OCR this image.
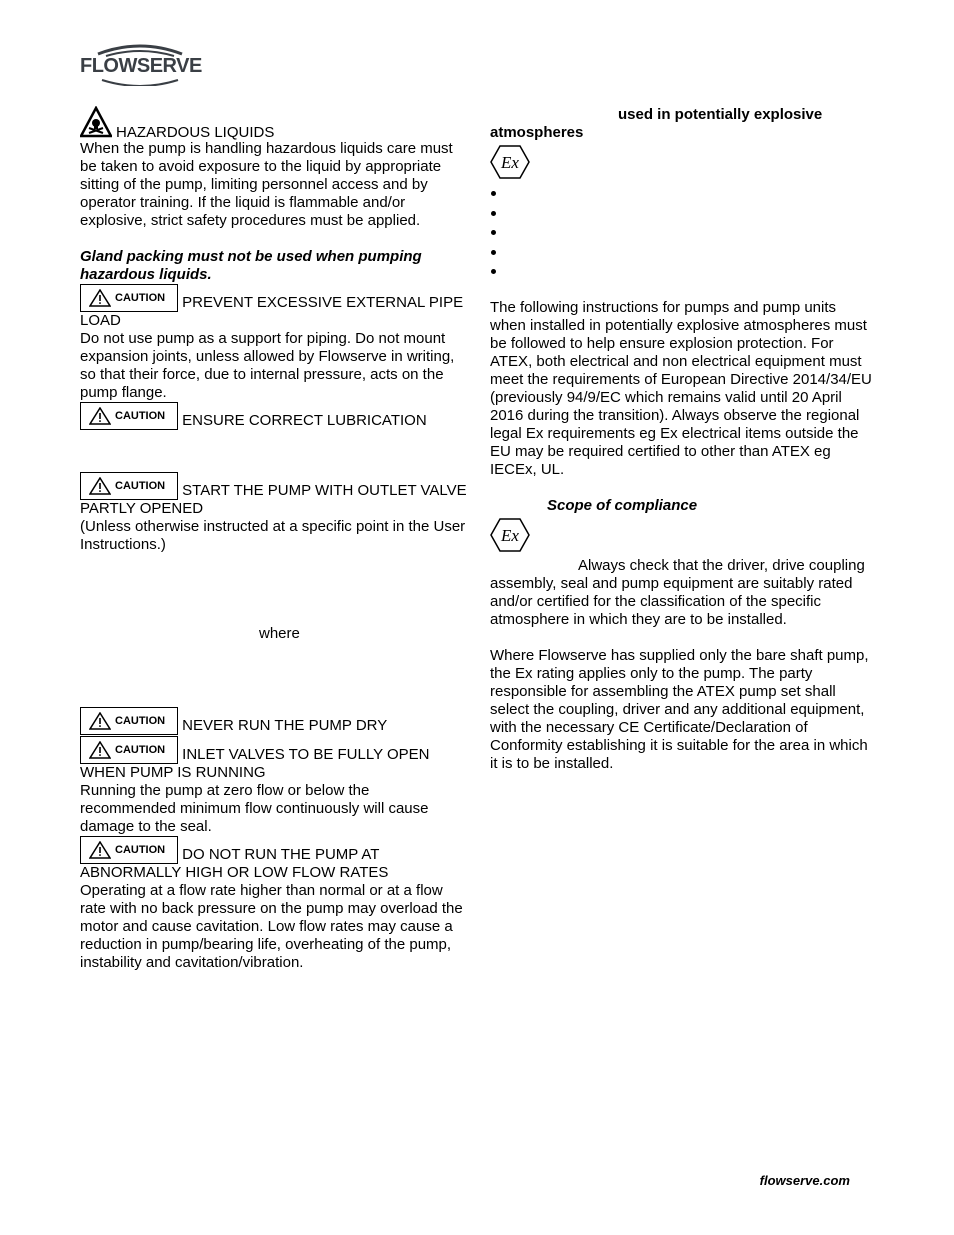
FLOWSERVE
HAZARDOUS LIQUIDS

When the pump is handling hazardous liquids care must be taken to avoid exposure to the liquid by appropriate sitting of the pump, limiting personnel access and by operator training. If the liquid is flammable and/or explosive, strict safety procedures must be applied.

Gland packing must not be used when pumping hazardous liquids.

CAUTION PREVENT EXCESSIVE EXTERNAL PIPE LOAD

Do not use pump as a support for piping. Do not mount expansion joints, unless allowed by Flowserve in writing, so that their force, due to internal pressure, acts on the pump flange.

CAUTION ENSURE CORRECT LUBRICATION
CAUTION START THE PUMP WITH OUTLET VALVE PARTLY OPENED

(Unless otherwise instructed at a specific point in the User Instructions.)

where

CAUTION NEVER RUN THE PUMP DRY
CAUTION INLET VALVES TO BE FULLY OPEN WHEN PUMP IS RUNNING

Running the pump at zero flow or below the recommended minimum flow continuously will cause damage to the seal.

CAUTION DO NOT RUN THE PUMP AT ABNORMALLY HIGH OR LOW FLOW RATES

Operating at a flow rate higher than normal or at a flow rate with no back pressure on the pump may overload the motor and cause cavitation. Low flow rates may cause a reduction in pump/bearing life, overheating of the pump, instability and cavitation/vibration.

used in potentially explosive

atmospheres

Ex

The following instructions for pumps and pump units when installed in potentially explosive atmospheres must be followed to help ensure explosion protection. For ATEX, both electrical and non electrical equipment must meet the requirements of European Directive 2014/34/EU (previously 94/9/EC which remains valid until 20 April 2016 during the transition). Always observe the regional legal Ex requirements eg Ex electrical items outside the EU may be required certified to other than ATEX eg IECEx, UL.

Scope of compliance

Ex

Always check that the driver, drive coupling assembly, seal and pump equipment are suitably rated and/or certified for the classification of the specific atmosphere in which they are to be installed.

Where Flowserve has supplied only the bare shaft pump, the Ex rating applies only to the pump. The party responsible for assembling the ATEX pump set shall select the coupling, driver and any additional equipment, with the necessary CE Certificate/Declaration of Conformity establishing it is suitable for the area in which it is to be installed.

flowserve.com
